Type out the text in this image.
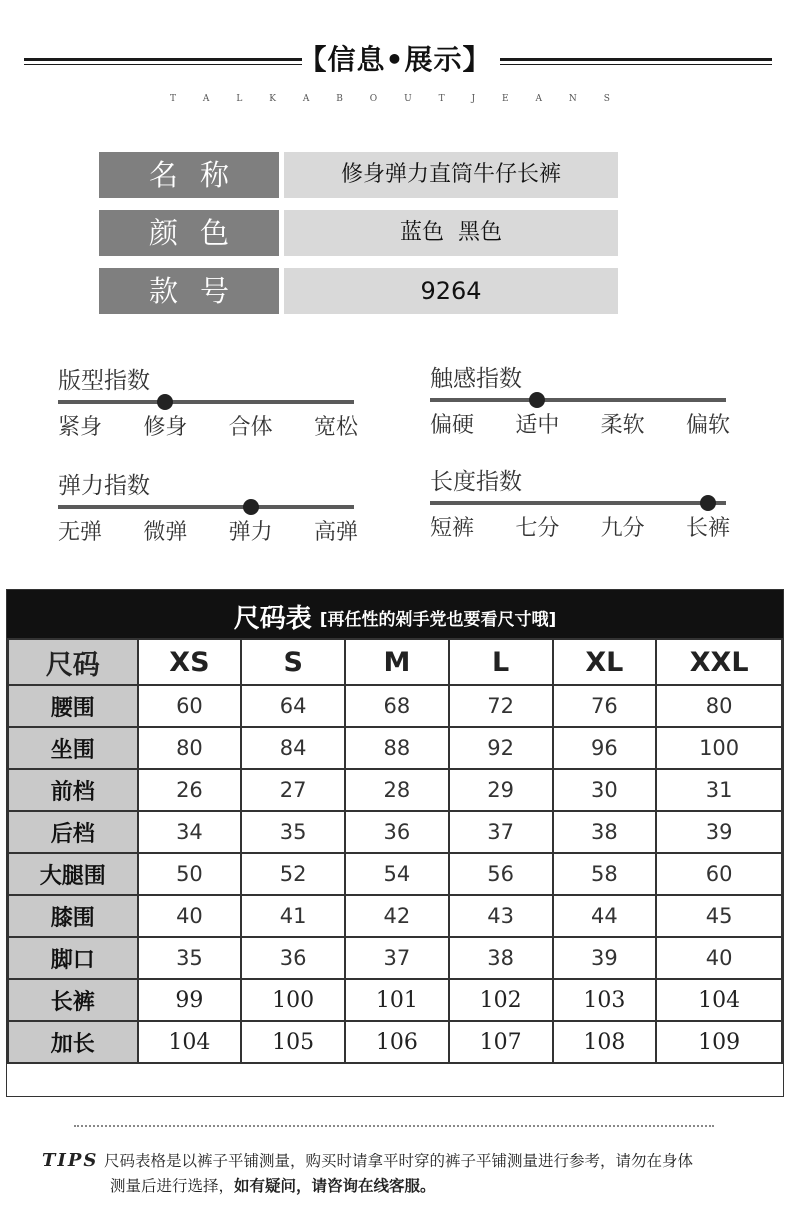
【信息•展示】
T	A	L	K	A	B	O	U	T	J	E	A	N	S
名称	修身弹力直筒牛仔长裤
颜色	蓝色  黑色
款号	9264
版型指数
紧身 修身 合体 宽松
触感指数
偏硬 适中 柔软 偏软
弹力指数
无弹 微弹 弹力 高弹
长度指数
短裤 七分 九分 长裤
尺码表 [再任性的剁手党也要看尺寸哦]
尺码	XS	S	M	L	XL	XXL
腰围	60	64	68	72	76	80
坐围	80	84	88	92	96	100
前档	26	27	28	29	30	31
后档	34	35	36	37	38	39
大腿围	50	52	54	56	58	60
膝围	40	41	42	43	44	45
脚口	35	36	37	38	39	40
长裤	99	100	101	102	103	104
加长	104	105	106	107	108	109
TIPS 尺码表格是以裤子平铺测量，购买时请拿平时穿的裤子平铺测量进行参考，请勿在身体
测量后进行选择，如有疑问，请咨询在线客服。
